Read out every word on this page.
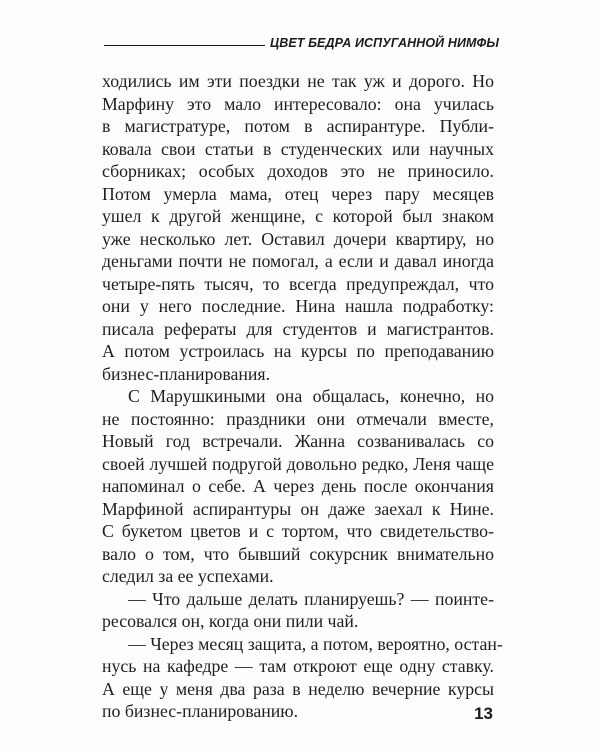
ЦВЕТ БЕДРА ИСПУГАННОЙ НИМФЫ
ходились им эти поездки не так уж и дорого. Но
Марфину это мало интересовало: она училась
в магистратуре, потом в аспирантуре. Публи-
ковала свои статьи в студенческих или научных
сборниках; особых доходов это не приносило.
Потом умерла мама, отец через пару месяцев
ушел к другой женщине, с которой был знаком
уже несколько лет. Оставил дочери квартиру, но
деньгами почти не помогал, а если и давал иногда
четыре-пять тысяч, то всегда предупреждал, что
они у него последние. Нина нашла подработку:
писала рефераты для студентов и магистрантов.
А потом устроилась на курсы по преподаванию
бизнес-планирования.
С Марушкиными она общалась, конечно, но
не постоянно: праздники они отмечали вместе,
Новый год встречали. Жанна созванивалась со
своей лучшей подругой довольно редко, Леня чаще
напоминал о себе. А через день после окончания
Марфиной аспирантуры он даже заехал к Нине.
С букетом цветов и с тортом, что свидетельство-
вало о том, что бывший сокурсник внимательно
следил за ее успехами.
— Что дальше делать планируешь? — поинте-
ресовался он, когда они пили чай.
— Через месяц защита, а потом, вероятно, остан-
нусь на кафедре — там откроют еще одну ставку.
А еще у меня два раза в неделю вечерние курсы
по бизнес-планированию.	13
